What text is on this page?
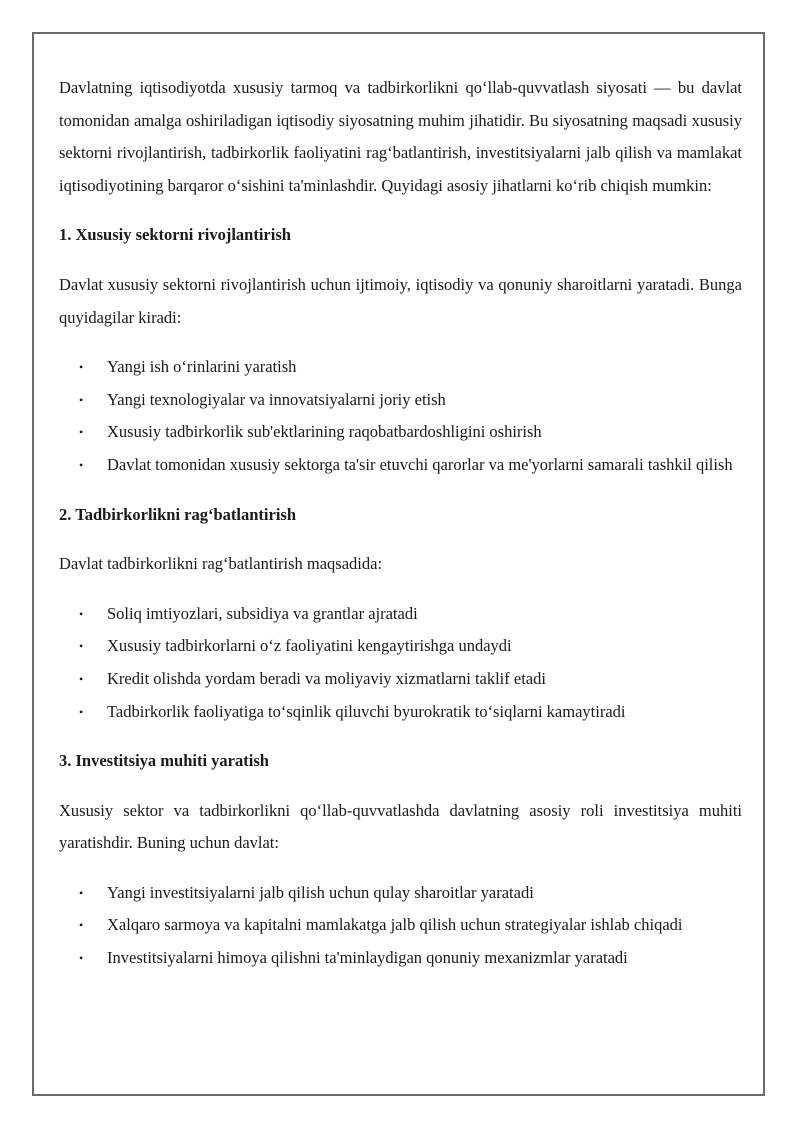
Davlatning iqtisodiyotda xususiy tarmoq va tadbirkorlikni qo‘llab-quvvatlash siyosati — bu davlat tomonidan amalga oshiriladigan iqtisodiy siyosatning muhim jihatidir. Bu siyosatning maqsadi xususiy sektorni rivojlantirish, tadbirkorlik faoliyatini rag‘batlantirish, investitsiyalarni jalb qilish va mamlakat iqtisodiyotining barqaror o‘sishini ta'minlashdir. Quyidagi asosiy jihatlarni ko‘rib chiqish mumkin:

1. Xususiy sektorni rivojlantirish

Davlat xususiy sektorni rivojlantirish uchun ijtimoiy, iqtisodiy va qonuniy sharoitlarni yaratadi. Bunga quyidagilar kiradi:

• Yangi ish o‘rinlarini yaratish
• Yangi texnologiyalar va innovatsiyalarni joriy etish
• Xususiy tadbirkorlik sub'ektlarining raqobatbardoshligini oshirish
• Davlat tomonidan xususiy sektorga ta'sir etuvchi qarorlar va me'yorlarni samarali tashkil qilish

2. Tadbirkorlikni rag‘batlantirish

Davlat tadbirkorlikni rag‘batlantirish maqsadida:

• Soliq imtiyozlari, subsidiya va grantlar ajratadi
• Xususiy tadbirkorlarni o‘z faoliyatini kengaytirishga undaydi
• Kredit olishda yordam beradi va moliyaviy xizmatlarni taklif etadi
• Tadbirkorlik faoliyatiga to‘sqinlik qiluvchi byurokratik to‘siqlarni kamaytiradi

3. Investitsiya muhiti yaratish

Xususiy sektor va tadbirkorlikni qo‘llab-quvvatlashda davlatning asosiy roli investitsiya muhiti yaratishdir. Buning uchun davlat:

• Yangi investitsiyalarni jalb qilish uchun qulay sharoitlar yaratadi
• Xalqaro sarmoya va kapitalni mamlakatga jalb qilish uchun strategiyalar ishlab chiqadi
• Investitsiyalarni himoya qilishni ta'minlaydigan qonuniy mexanizmlar yaratadi
